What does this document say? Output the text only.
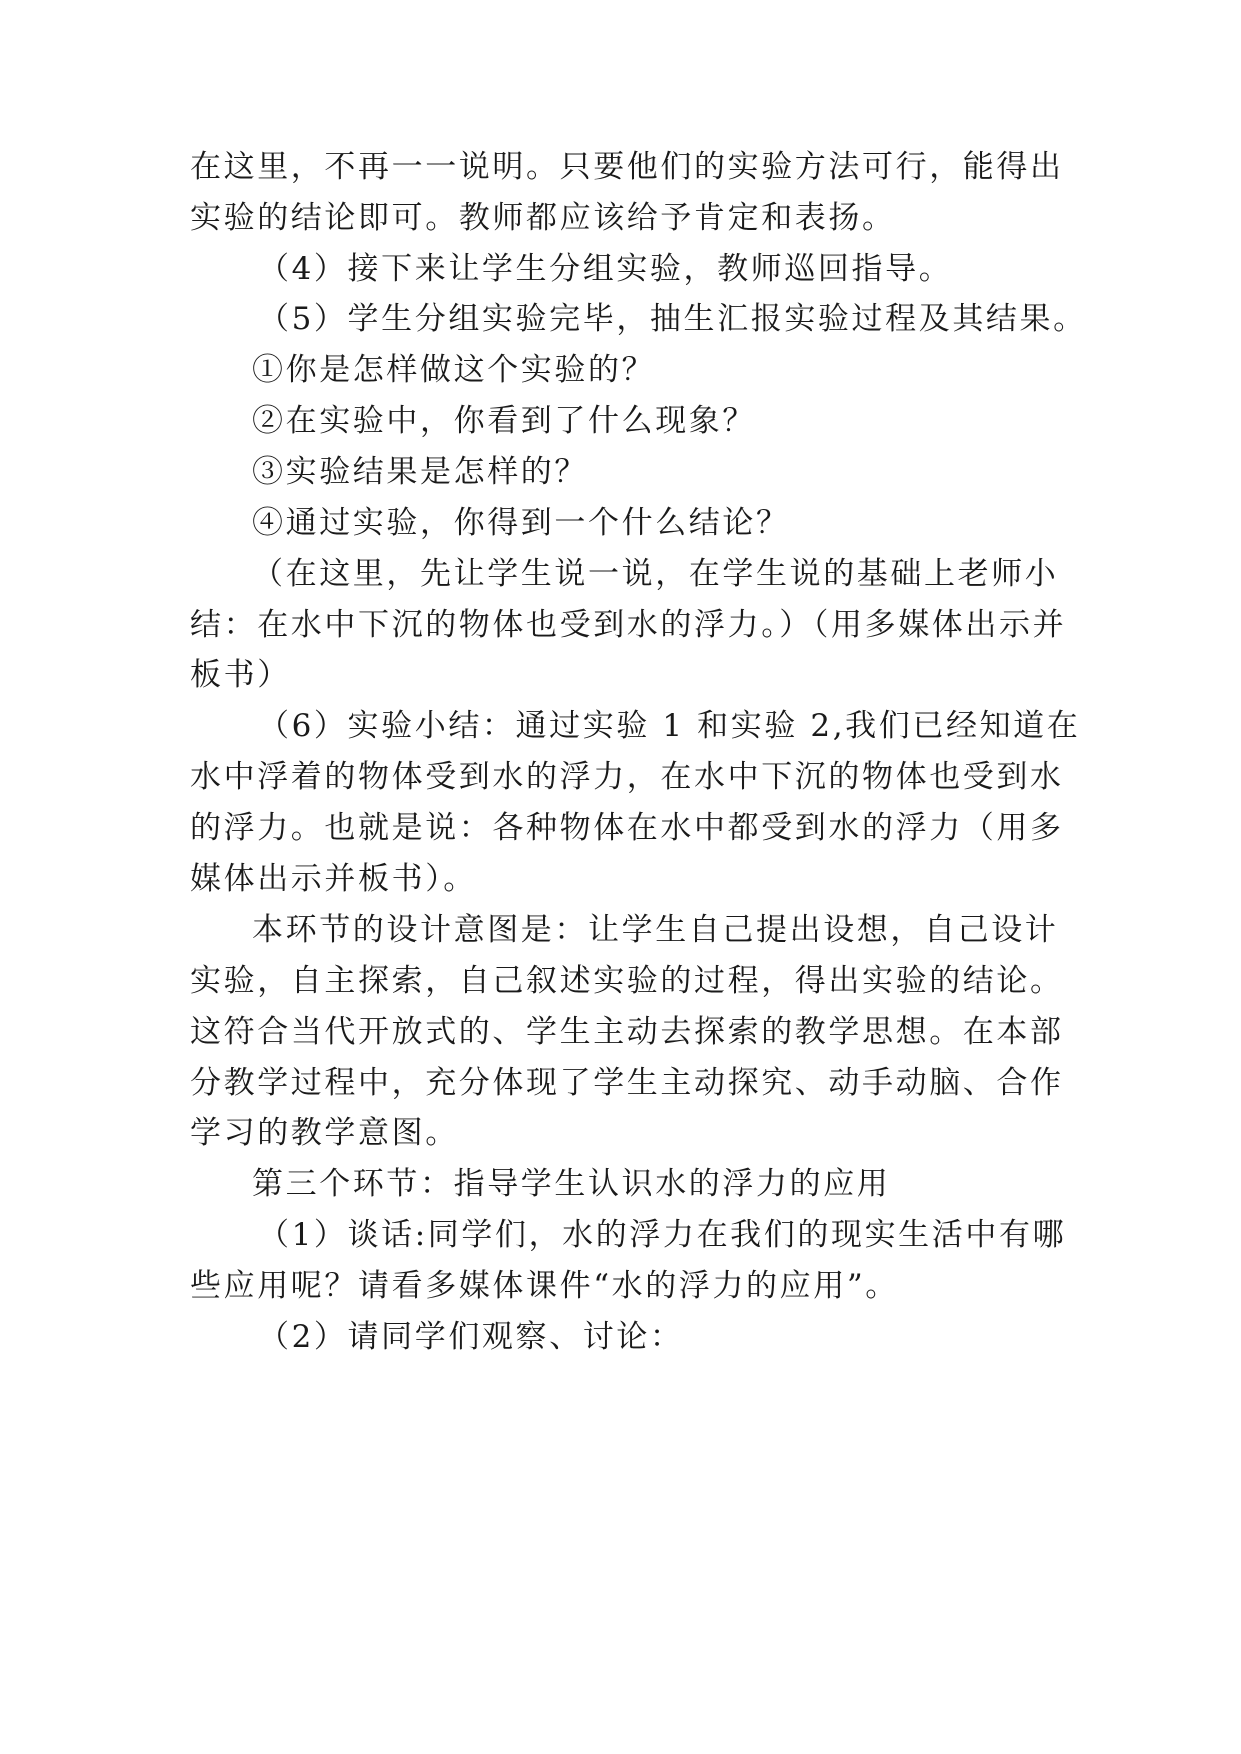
在这里，不再一一说明。只要他们的实验方法可行，能得出
实验的结论即可。教师都应该给予肯定和表扬。
（4）接下来让学生分组实验，教师巡回指导。
（5）学生分组实验完毕，抽生汇报实验过程及其结果。
①你是怎样做这个实验的？
②在实验中，你看到了什么现象？
③实验结果是怎样的？
④通过实验，你得到一个什么结论？
（在这里，先让学生说一说，在学生说的基础上老师小
结：在水中下沉的物体也受到水的浮力。）（用多媒体出示并
板书）
（6）实验小结：通过实验 1 和实验 2,我们已经知道在
水中浮着的物体受到水的浮力，在水中下沉的物体也受到水
的浮力。也就是说：各种物体在水中都受到水的浮力（用多
媒体出示并板书）。
本环节的设计意图是：让学生自己提出设想，自己设计
实验，自主探索，自己叙述实验的过程，得出实验的结论。
这符合当代开放式的、学生主动去探索的教学思想。在本部
分教学过程中，充分体现了学生主动探究、动手动脑、合作
学习的教学意图。
第三个环节：指导学生认识水的浮力的应用
（1）谈话:同学们，水的浮力在我们的现实生活中有哪
些应用呢？请看多媒体课件“水的浮力的应用”。
（2）请同学们观察、讨论：
